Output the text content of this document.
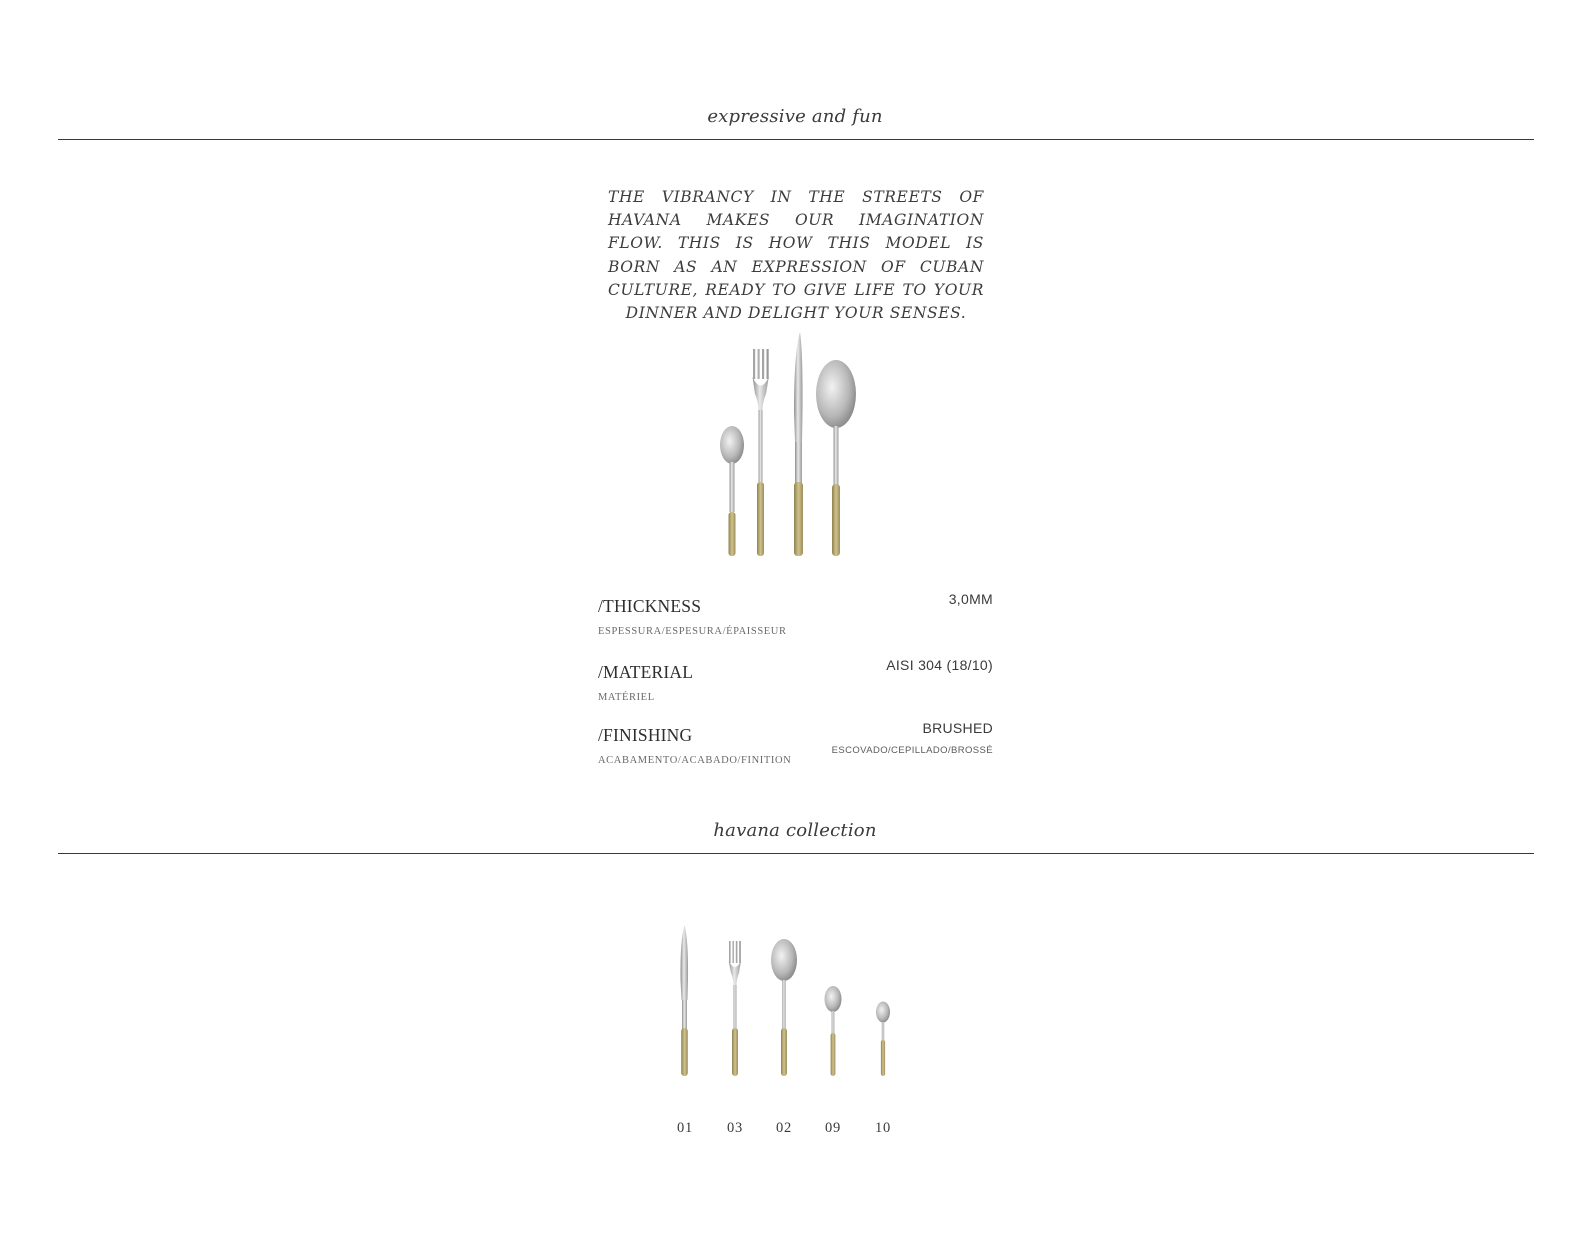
expressive and fun
THE VIBRANCY IN THE STREETS OF HAVANA MAKES OUR IMAGINATION FLOW. THIS IS HOW THIS MODEL IS BORN AS AN EXPRESSION OF CUBAN CULTURE, READY TO GIVE LIFE TO YOUR DINNER AND DELIGHT YOUR SENSES.
/THICKNESS
ESPESSURA/ESPESURA/ÉPAISSEUR
3,0MM
/MATERIAL
MATÉRIEL
AISI 304 (18/10)
/FINISHING
ACABAMENTO/ACABADO/FINITION
BRUSHED
ESCOVADO/CEPILLADO/BROSSÉ
havana collection
01	03	02	09	10
